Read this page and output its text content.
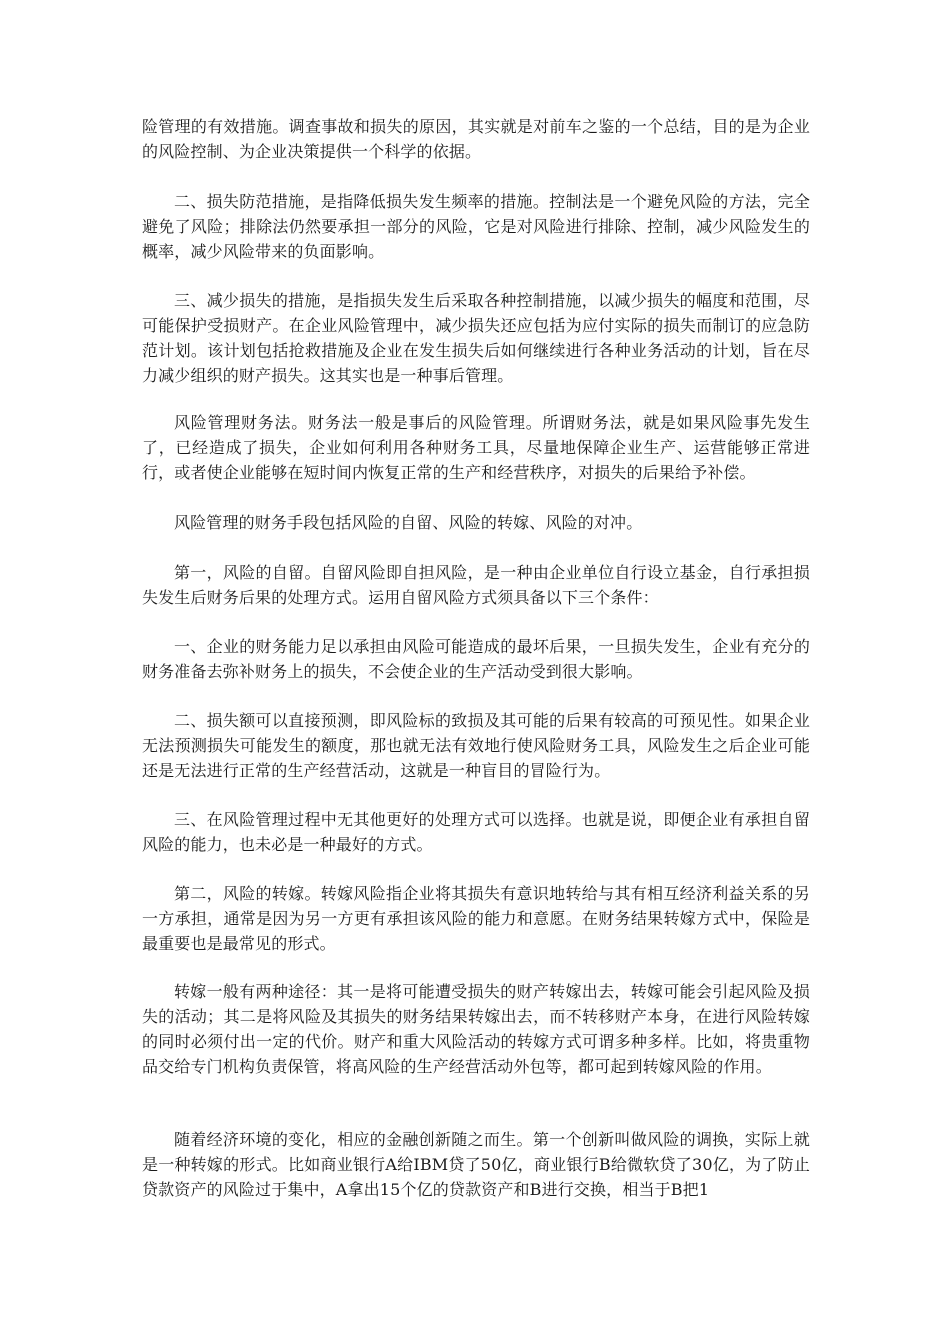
险管理的有效措施。调查事故和损失的原因，其实就是对前车之鉴的一个总结，目的是为企业的风险控制、为企业决策提供一个科学的依据。

二、损失防范措施，是指降低损失发生频率的措施。控制法是一个避免风险的方法，完全避免了风险；排除法仍然要承担一部分的风险，它是对风险进行排除、控制，减少风险发生的概率，减少风险带来的负面影响。

三、减少损失的措施，是指损失发生后采取各种控制措施，以减少损失的幅度和范围，尽可能保护受损财产。在企业风险管理中，减少损失还应包括为应付实际的损失而制订的应急防范计划。该计划包括抢救措施及企业在发生损失后如何继续进行各种业务活动的计划，旨在尽力减少组织的财产损失。这其实也是一种事后管理。

风险管理财务法。财务法一般是事后的风险管理。所谓财务法，就是如果风险事先发生了，已经造成了损失，企业如何利用各种财务工具，尽量地保障企业生产、运营能够正常进行，或者使企业能够在短时间内恢复正常的生产和经营秩序，对损失的后果给予补偿。

风险管理的财务手段包括风险的自留、风险的转嫁、风险的对冲。

第一，风险的自留。自留风险即自担风险，是一种由企业单位自行设立基金，自行承担损失发生后财务后果的处理方式。运用自留风险方式须具备以下三个条件：

一、企业的财务能力足以承担由风险可能造成的最坏后果，一旦损失发生，企业有充分的财务准备去弥补财务上的损失，不会使企业的生产活动受到很大影响。

二、损失额可以直接预测，即风险标的致损及其可能的后果有较高的可预见性。如果企业无法预测损失可能发生的额度，那也就无法有效地行使风险财务工具，风险发生之后企业可能还是无法进行正常的生产经营活动，这就是一种盲目的冒险行为。

三、在风险管理过程中无其他更好的处理方式可以选择。也就是说，即便企业有承担自留风险的能力，也未必是一种最好的方式。

第二，风险的转嫁。转嫁风险指企业将其损失有意识地转给与其有相互经济利益关系的另一方承担，通常是因为另一方更有承担该风险的能力和意愿。在财务结果转嫁方式中，保险是最重要也是最常见的形式。

转嫁一般有两种途径：其一是将可能遭受损失的财产转嫁出去，转嫁可能会引起风险及损失的活动；其二是将风险及其损失的财务结果转嫁出去，而不转移财产本身，在进行风险转嫁的同时必须付出一定的代价。财产和重大风险活动的转嫁方式可谓多种多样。比如，将贵重物品交给专门机构负责保管，将高风险的生产经营活动外包等，都可起到转嫁风险的作用。

随着经济环境的变化，相应的金融创新随之而生。第一个创新叫做风险的调换，实际上就是一种转嫁的形式。比如商业银行A给IBM贷了50亿，商业银行B给微软贷了30亿，为了防止贷款资产的风险过于集中，A拿出15个亿的贷款资产和B进行交换，相当于B把1
